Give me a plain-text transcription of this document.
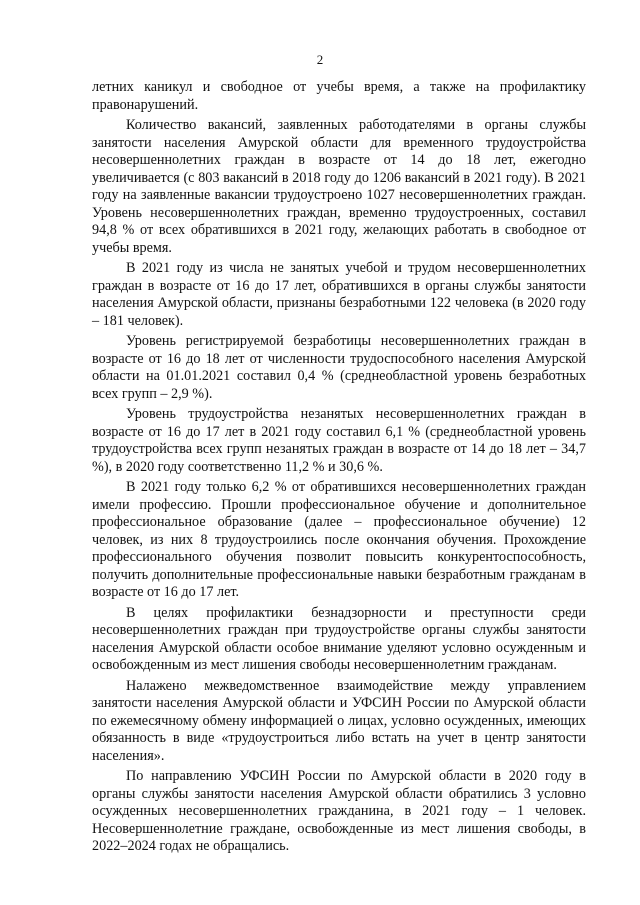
2

летних каникул и свободное от учебы время, а также на профилактику правонарушений.

Количество вакансий, заявленных работодателями в органы службы занятости населения Амурской области для временного трудоустройства несовершеннолетних граждан в возрасте от 14 до 18 лет, ежегодно увеличивается (с 803 вакансий в 2018 году до 1206 вакансий в 2021 году). В 2021 году на заявленные вакансии трудоустроено 1027 несовершеннолетних граждан. Уровень несовершеннолетних граждан, временно трудоустроенных, составил 94,8 % от всех обратившихся в 2021 году, желающих работать в свободное от учебы время.

В 2021 году из числа не занятых учебой и трудом несовершеннолетних граждан в возрасте от 16 до 17 лет, обратившихся в органы службы занятости населения Амурской области, признаны безработными 122 человека (в 2020 году – 181 человек).

Уровень регистрируемой безработицы несовершеннолетних граждан в возрасте от 16 до 18 лет от численности трудоспособного населения Амурской области на 01.01.2021 составил 0,4 % (среднеобластной уровень безработных всех групп – 2,9 %).

Уровень трудоустройства незанятых несовершеннолетних граждан в возрасте от 16 до 17 лет в 2021 году составил 6,1 % (среднеобластной уровень трудоустройства всех групп незанятых граждан в возрасте от 14 до 18 лет – 34,7 %), в 2020 году соответственно 11,2 % и 30,6 %.

В 2021 году только 6,2 % от обратившихся несовершеннолетних граждан имели профессию. Прошли профессиональное обучение и дополнительное профессиональное образование (далее – профессиональное обучение) 12 человек, из них 8 трудоустроились после окончания обучения. Прохождение профессионального обучения позволит повысить конкурентоспособность, получить дополнительные профессиональные навыки безработным гражданам в возрасте от 16 до 17 лет.

В целях профилактики безнадзорности и преступности среди несовершеннолетних граждан при трудоустройстве органы службы занятости населения Амурской области особое внимание уделяют условно осужденным и освобожденным из мест лишения свободы несовершеннолетним гражданам.

Налажено межведомственное взаимодействие между управлением занятости населения Амурской области и УФСИН России по Амурской области по ежемесячному обмену информацией о лицах, условно осужденных, имеющих обязанность в виде «трудоустроиться либо встать на учет в центр занятости населения».

По направлению УФСИН России по Амурской области в 2020 году в органы службы занятости населения Амурской области обратились 3 условно осужденных несовершеннолетних гражданина, в 2021 году – 1 человек. Несовершеннолетние граждане, освобожденные из мест лишения свободы, в 2022–2024 годах не обращались.
